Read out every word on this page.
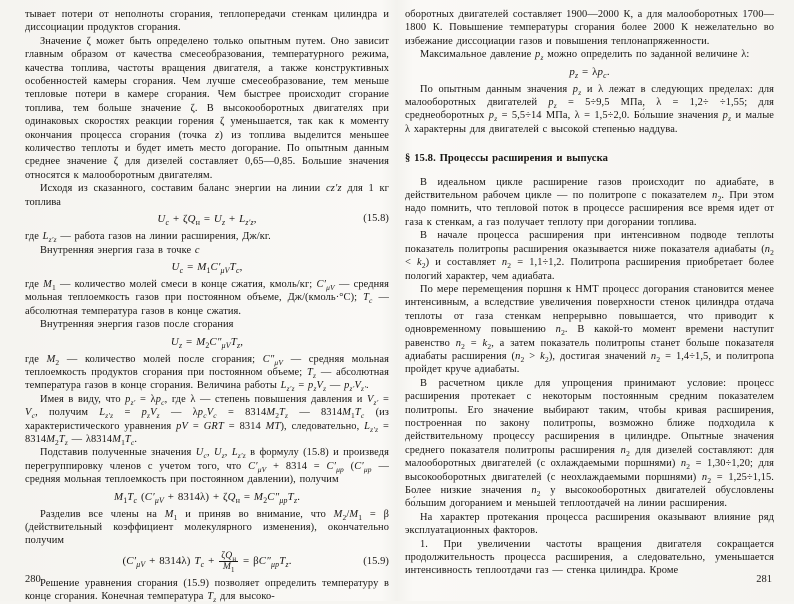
тывает потери от неполноты сгорания, теплопередачи стенкам цилиндра и диссоциации продуктов сгорания.

Значение ζ может быть определено только опытным путем. Оно зависит главным образом от качества смесеобразования, температурного режима, качества топлива, частоты вращения двигателя, а также конструктивных особенностей камеры сгорания. Чем лучше смесеобразование, тем меньше тепловые потери в камере сгорания. Чем быстрее происходит сгорание топлива, тем больше значение ζ. В высокооборотных двигателях при одинаковых скоростях реакции горения ζ уменьшается, так как к моменту окончания процесса сгорания (точка z) из топлива выделится меньшее количество теплоты и будет иметь место догорание. По опытным данным среднее значение ζ для дизелей составляет 0,65—0,85. Большие значения относятся к малооборотным двигателям.

Исходя из сказанного, составим баланс энергии на линии cz′z для 1 кг топлива

$U_c + \zeta Q_н = U_z + L_{z'z}$,	(15.8)

где $L_{z'z}$ — работа газов на линии расширения, Дж/кг.

Внутренняя энергия газа в точке c

$U_c = M_1C'_{\mu V}T_c$,

где $M_1$ — количество молей смеси в конце сжатия, кмоль/кг; $C'_{\mu V}$ — средняя мольная теплоемкость газов при постоянном объеме, Дж/(кмоль·°С); $T_c$ — абсолютная температура газов в конце сжатия.

Внутренняя энергия газов после сгорания

$U_z = M_2C''_{\mu V}T_z$,

где $M_2$ — количество молей после сгорания; $C''_{\mu V}$ — средняя мольная теплоемкость продуктов сгорания при постоянном объеме; $T_z$ — абсолютная температура газов в конце сгорания. Величина работы $L_{z'z} = p_zV_z$ — $p_{z'}V_{z'}$.

Имея в виду, что $p_{z'} = \lambda p_c$, где λ — степень повышения давления и $V_{z'} = V_c$, получим $L_{z'z} = p_zV_z$ — $\lambda p_cV_c = 8314M_2T_z$ — $8314M_1T_c$ (из характеристического уравнения pV = GRT = 8314 MT), следовательно, $L_{z'z} = 8314M_2T_z$ — $\lambda 8314M_1T_c$.

Подставив полученные значения $U_c$, $U_z$, $L_{z'z}$ в формулу (15.8) и произведя перегруппировку членов с учетом того, что $C'_{\mu V} + 8314 = C'_{\mu p}$ ($C'_{\mu p}$ — средняя мольная теплоемкость при постоянном давлении), получим

$M_1T_c$ $(C'_{\mu V} + 8314\lambda) + \zeta Q_н = M_2C''_{\mu p}T_z$.

Разделив все члены на $M_1$ и приняв во внимание, что $M_2/M_1 = \beta$ (действительный коэффициент молекулярного изменения), окончательно получим

$(C'_{\mu V} + 8314\lambda) T_c + \frac{\zeta Q_н}{M_1} = \beta C''_{\mu p}T_z$.	(15.9)

Решение уравнения сгорания (15.9) позволяет определить температуру в конце сгорания. Конечная температура $T_z$ для высоко-

280

оборотных двигателей составляет 1900—2000 К, а для малооборотных 1700—1800 К. Повышение температуры сгорания более 2000 К нежелательно во избежание диссоциации газов и повышения теплонапряженности.

Максимальное давление $p_z$ можно определить по заданной величине λ:

$p_z = \lambda p_c$.

По опытным данным значения $p_z$ и λ лежат в следующих пределах: для малооборотных двигателей $p_z = 5\div 9,5$ МПа, λ = 1,2÷ ÷1,55; для среднеоборотных $p_z = 5,5\div 14$ МПа, λ = 1,5÷2,0. Бо́льшие значения $p_z$ и малые λ характерны для двигателей с высокой степенью наддува.

§ 15.8. Процессы расширения и выпуска

В идеальном цикле расширение газов происходит по адиабате, в действительном рабочем цикле — по политропе с показателем $n_2$. При этом надо помнить, что тепловой поток в процессе расширения все время идет от газа к стенкам, а газ получает теплоту при догорании топлива.

В начале процесса расширения при интенсивном подводе теплоты показатель политропы расширения оказывается ниже показателя адиабаты $(n_2 < k_2)$ и составляет $n_2 = 1,1\div 1,2$. Политропа расширения приобретает более пологий характер, чем адиабата.

По мере перемещения поршня к НМТ процесс догорания становится менее интенсивным, а вследствие увеличения поверхности стенок цилиндра отдача теплоты от газа стенкам непрерывно повышается, что приводит к одновременному повышению $n_2$. В какой-то момент времени наступит равенство $n_2 = k_2$, а затем показатель политропы станет больше показателя адиабаты расширения $(n_2 > k_2)$, достигая значений $n_2 = 1,4\div 1,5$, и политропа пройдет круче адиабаты.

В расчетном цикле для упрощения принимают условие: процесс расширения протекает с некоторым постоянным средним показателем политропы. Его значение выбирают таким, чтобы кривая расширения, построенная по закону политропы, возможно ближе подходила к действительному процессу расширения в цилиндре. Опытные значения среднего показателя политропы расширения $n_2$ для дизелей составляют: для малооборотных двигателей (с охлаждаемыми поршнями) $n_2 = 1,30\div 1,20$; для высокооборотных двигателей (с неохлаждаемыми поршнями) $n_2 = 1,25\div 1,15$. Более низкие значения $n_2$ у высокооборотных двигателей обусловлены бо́льшим догоранием и меньшей теплоотдачей на линии расширения.

На характер протекания процесса расширения оказывают влияние ряд эксплуатационных факторов.

1. При увеличении частоты вращения двигателя сокращается продолжительность процесса расширения, а следовательно, уменьшается интенсивность теплоотдачи газ — стенка цилиндра. Кроме

281
